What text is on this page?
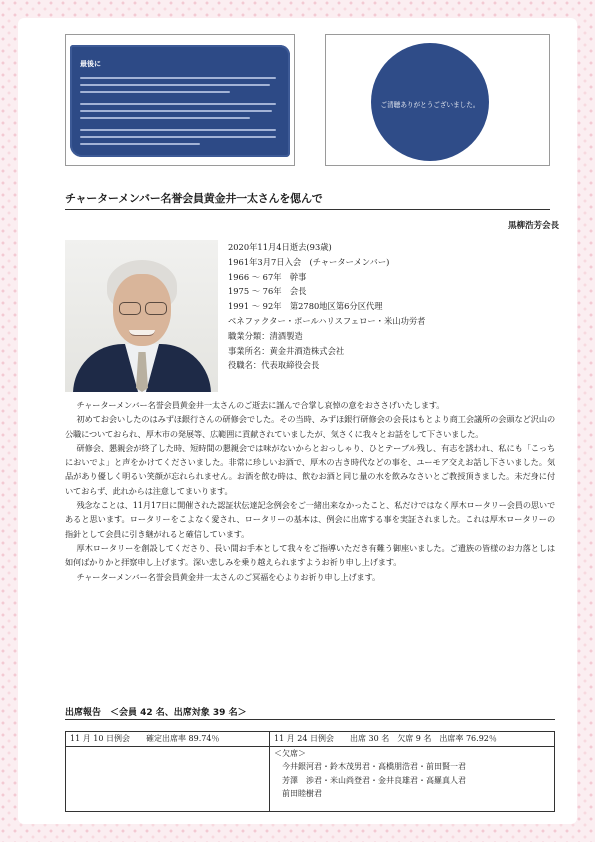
最後に
ご清聴ありがとうございました。
チャーターメンバー名誉会員黄金井一太さんを偲んで
黒柳浩芳会長
2020年11月4日逝去(93歳)
1961年3月7日入会　(チャーターメンバー)
1966 ～ 67年　幹事
1975 ～ 76年　会長
1991 ～ 92年　第2780地区第6分区代理
ベネファクター・ポールハリスフェロー・米山功労者
職業分類：清酒製造
事業所名：黄金井酒造株式会社
役職名：代表取締役会長

チャーターメンバー名誉会員黄金井一太さんのご逝去に謹んで合掌し哀悼の意をおささげいたします。

初めてお会いしたのはみずほ銀行さんの研修会でした。その当時、みずほ銀行研修会の会長はもとより商工会議所の会頭など沢山の公職についておられ、厚木市の発展等、広範囲に貢献されていましたが、気さくに我々とお話をして下さいました。

研修会、懇親会が終了した時、短時間の懇親会では味がないからとおっしゃり、ひとテーブル残し、有志を誘われ、私にも「こっちにおいでよ」と声をかけてくださいました。非常に珍しいお酒で、厚木の古き時代などの事を、ユーモア交えお話し下さいました。気品があり優しく明るい笑顔が忘れられません。お酒を飲む時は、飲むお酒と同じ量の水を飲みなさいとご教授頂きました。未だ身に付いておらず、此れからは注意してまいります。

残念なことは、11月17日に開催された認証状伝達記念例会をご一緒出来なかったこと、私だけではなく厚木ロータリー会員の思いであると思います。ロータリーをこよなく愛され、ロータリーの基本は、例会に出席する事を実証されました。これは厚木ロータリーの指針として会員に引き継がれると確信しています。

厚木ロータリーを創設してくださり、長い間お手本として我々をご指導いただき有難う御座いました。ご遺族の皆様のお力落としは如何ばかりかと拝察申し上げます。深い悲しみを乗り越えられますようお祈り申し上げます。

チャーターメンバー名誉会員黄金井一太さんのご冥福を心よりお祈り申し上げます。

出席報告　＜会員 42 名、出席対象 39 名＞
11 月 10 日例会　　確定出席率 89.74％	11 月 24 日例会　　出席 30 名　欠席 9 名　出席率 76.92％

	＜欠席＞
今井銀河君・鈴木茂男君・高橋朋浩君・前田賢一君
芳澤　渉君・米山尚登君・金井良雄君・高羅真人君
前田睦樹君
